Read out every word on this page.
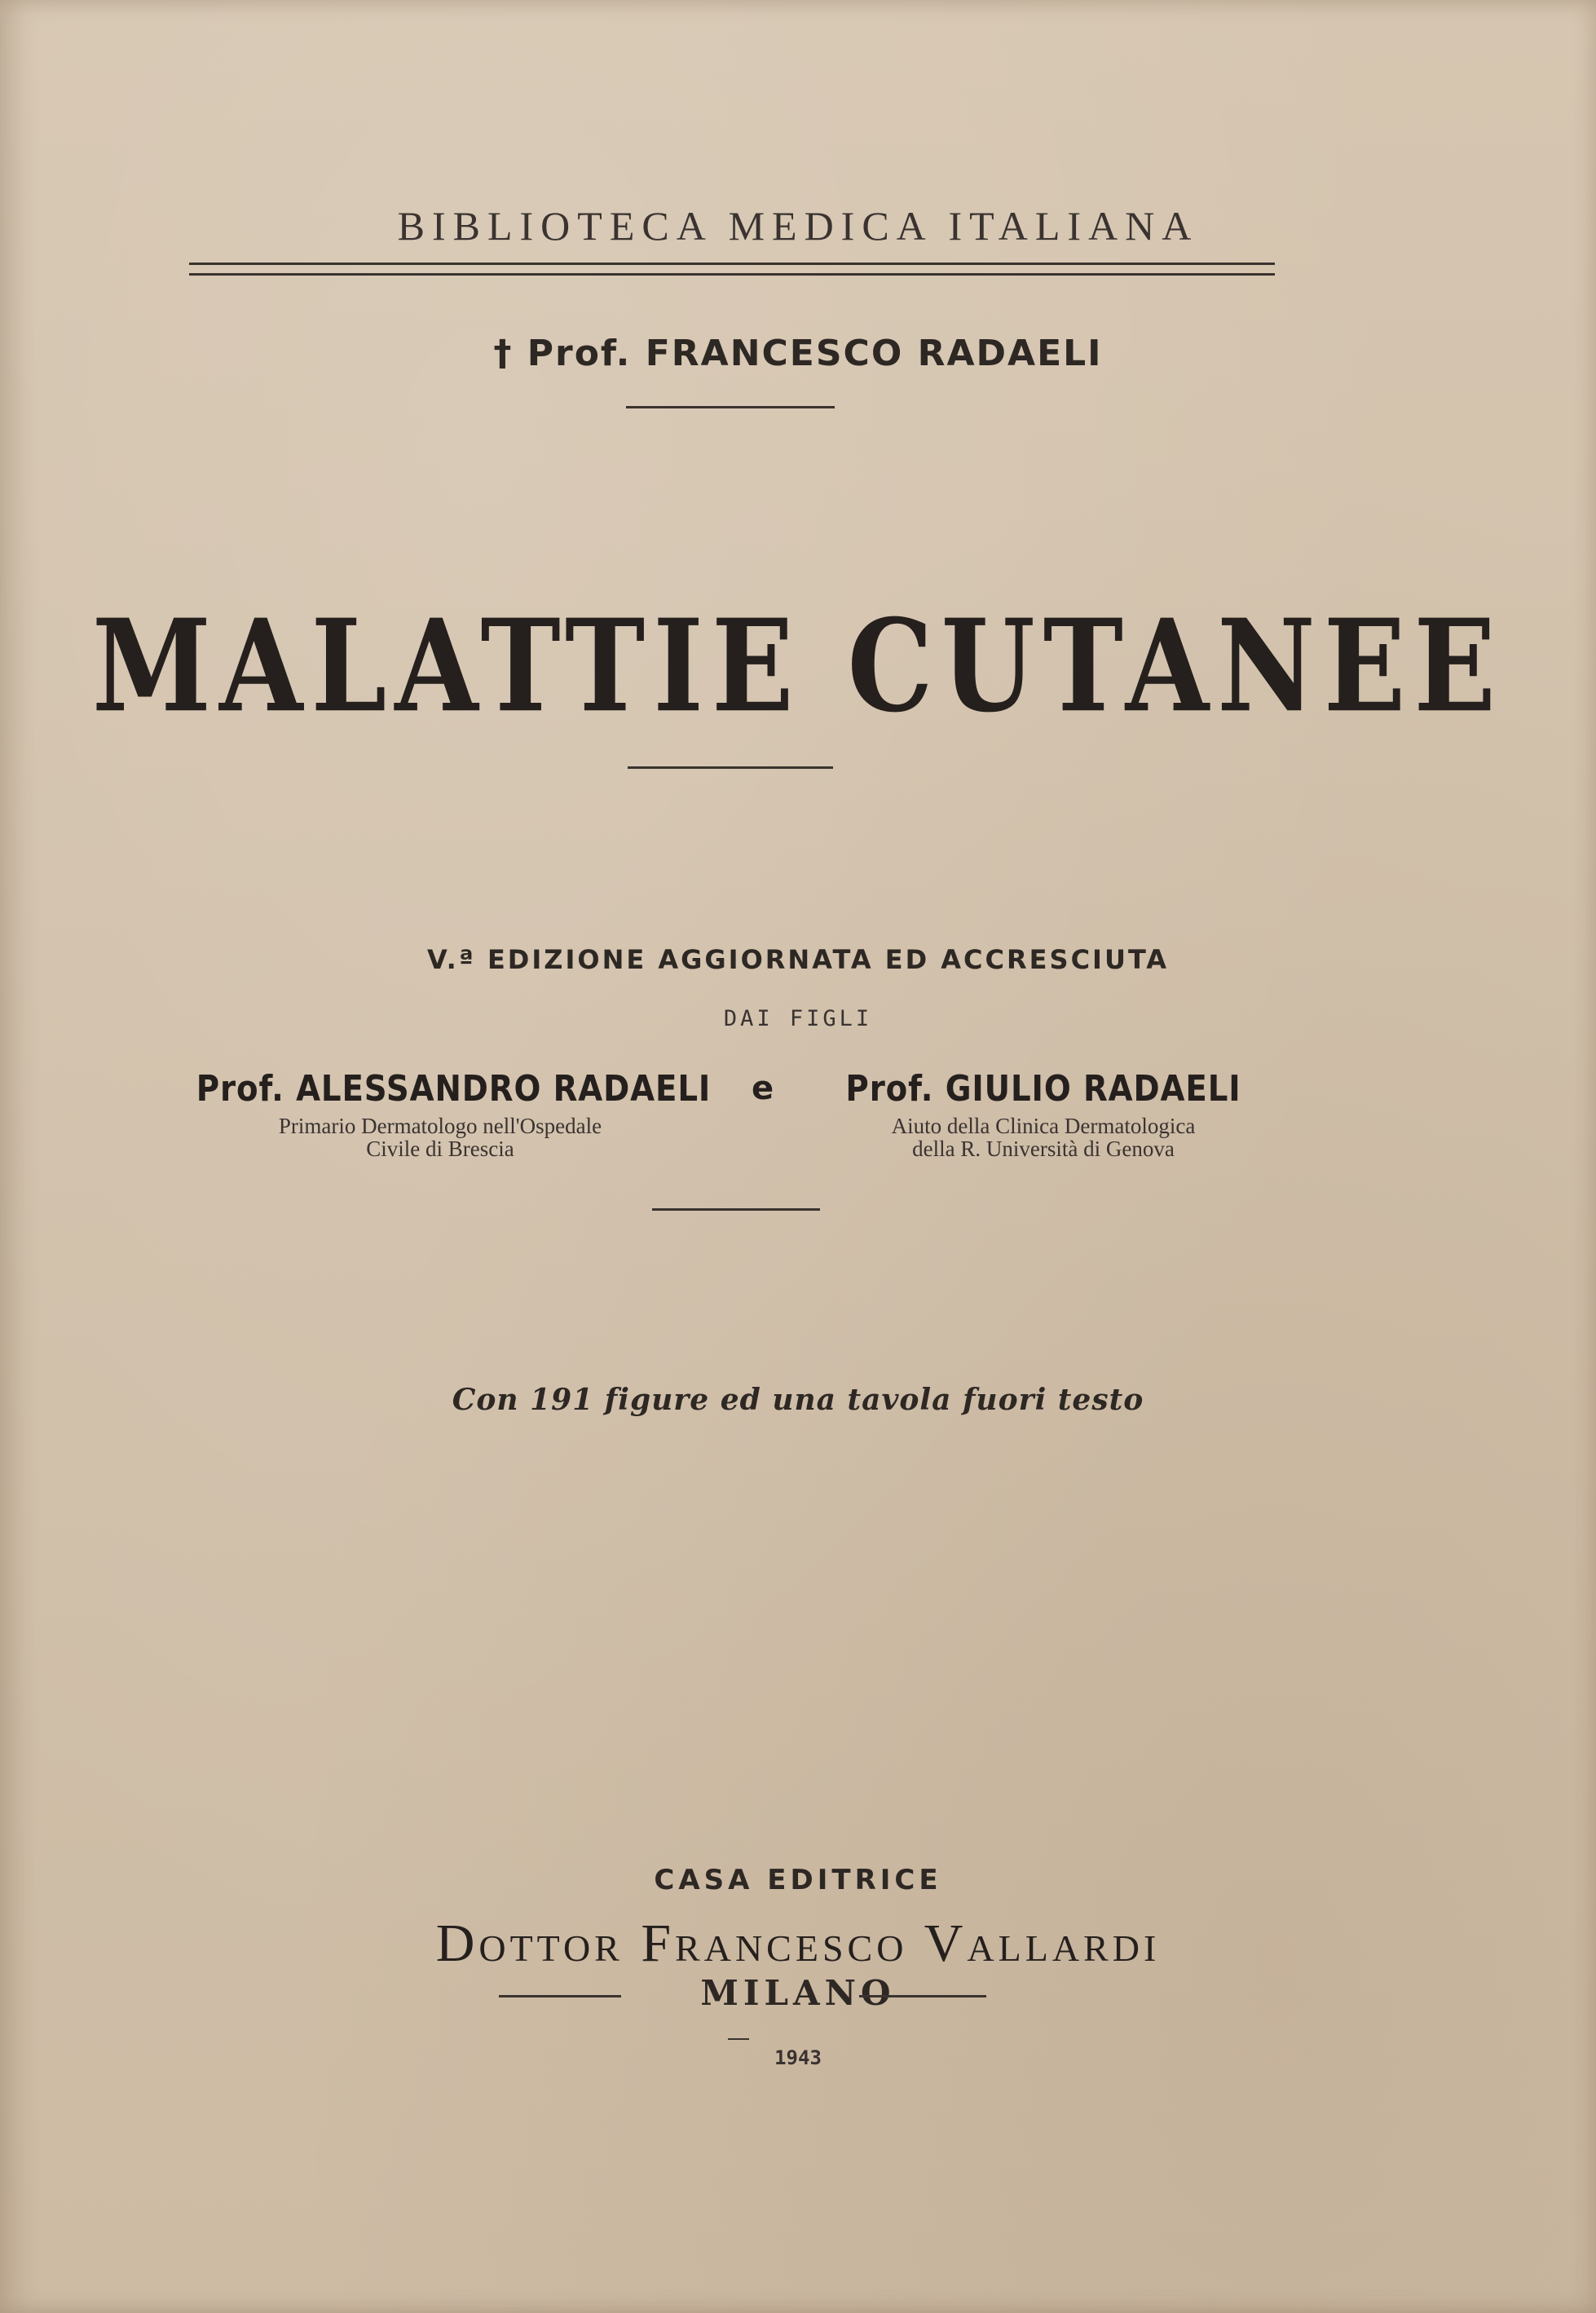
BIBLIOTECA MEDICA ITALIANA
† Prof. FRANCESCO RADAELI
MALATTIE CUTANEE
V.ª EDIZIONE AGGIORNATA ED ACCRESCIUTA
DAI FIGLI
Prof. ALESSANDRO RADAELI
Primario Dermatologo nell'Ospedale
Civile di Brescia
e Prof. GIULIO RADAELI
Aiuto della Clinica Dermatologica
della R. Università di Genova
Con 191 figure ed una tavola fuori testo
CASA EDITRICE
Dottor Francesco Vallardi
MILANO
1943
